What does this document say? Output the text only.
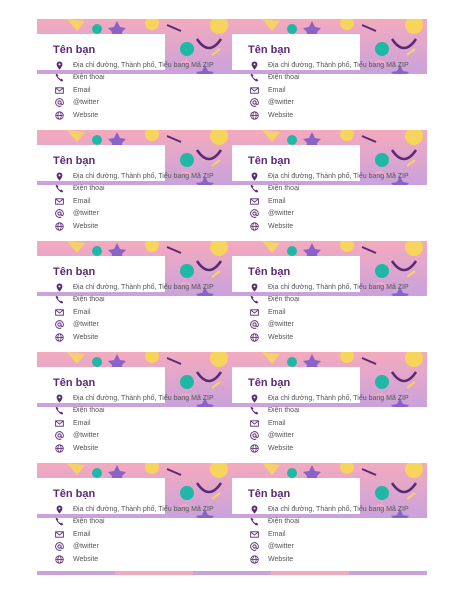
Tên bạn
Địa chỉ đường, Thành phố, Tiểu bang Mã ZIP
Điện thoại
Email
@twitter
Website
Tên bạn
Địa chỉ đường, Thành phố, Tiểu bang Mã ZIP
Điện thoại
Email
@twitter
Website
Tên bạn
Địa chỉ đường, Thành phố, Tiểu bang Mã ZIP
Điện thoại
Email
@twitter
Website
Tên bạn
Địa chỉ đường, Thành phố, Tiểu bang Mã ZIP
Điện thoại
Email
@twitter
Website
Tên bạn
Địa chỉ đường, Thành phố, Tiểu bang Mã ZIP
Điện thoại
Email
@twitter
Website
Tên bạn
Địa chỉ đường, Thành phố, Tiểu bang Mã ZIP
Điện thoại
Email
@twitter
Website
Tên bạn
Địa chỉ đường, Thành phố, Tiểu bang Mã ZIP
Điện thoại
Email
@twitter
Website
Tên bạn
Địa chỉ đường, Thành phố, Tiểu bang Mã ZIP
Điện thoại
Email
@twitter
Website
Tên bạn
Địa chỉ đường, Thành phố, Tiểu bang Mã ZIP
Điện thoại
Email
@twitter
Website
Tên bạn
Địa chỉ đường, Thành phố, Tiểu bang Mã ZIP
Điện thoại
Email
@twitter
Website
